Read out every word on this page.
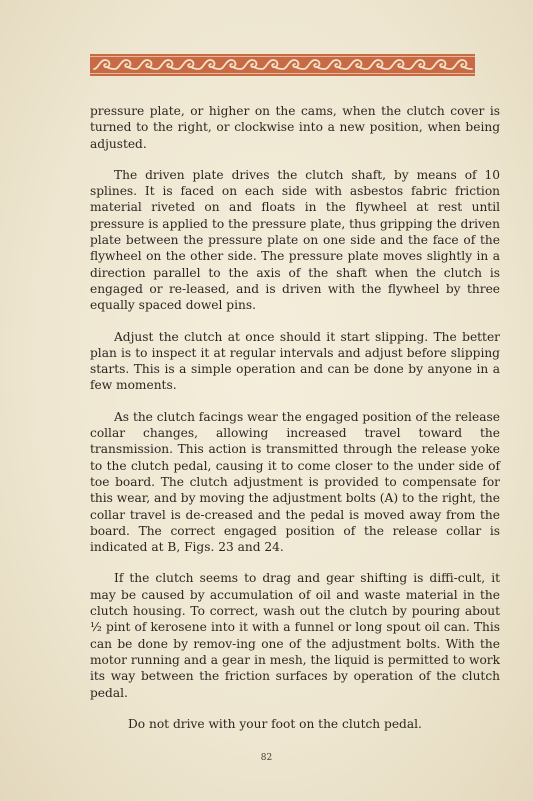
pressure plate, or higher on the cams, when the clutch cover is turned to the right, or clockwise into a new position, when being adjusted.

The driven plate drives the clutch shaft, by means of 10 splines. It is faced on each side with asbestos fabric friction material riveted on and floats in the flywheel at rest until pressure is applied to the pressure plate, thus gripping the driven plate between the pressure plate on one side and the face of the flywheel on the other side. The pressure plate moves slightly in a direction parallel to the axis of the shaft when the clutch is engaged or re-leased, and is driven with the flywheel by three equally spaced dowel pins.

Adjust the clutch at once should it start slipping. The better plan is to inspect it at regular intervals and adjust before slipping starts. This is a simple operation and can be done by anyone in a few moments.

As the clutch facings wear the engaged position of the release collar changes, allowing increased travel toward the transmission. This action is transmitted through the release yoke to the clutch pedal, causing it to come closer to the under side of toe board. The clutch adjustment is provided to compensate for this wear, and by moving the adjustment bolts (A) to the right, the collar travel is de-creased and the pedal is moved away from the board. The correct engaged position of the release collar is indicated at B, Figs. 23 and 24.

If the clutch seems to drag and gear shifting is diffi-cult, it may be caused by accumulation of oil and waste material in the clutch housing. To correct, wash out the clutch by pouring about ½ pint of kerosene into it with a funnel or long spout oil can. This can be done by remov-ing one of the adjustment bolts. With the motor running and a gear in mesh, the liquid is permitted to work its way between the friction surfaces by operation of the clutch pedal.

Do not drive with your foot on the clutch pedal.

82
